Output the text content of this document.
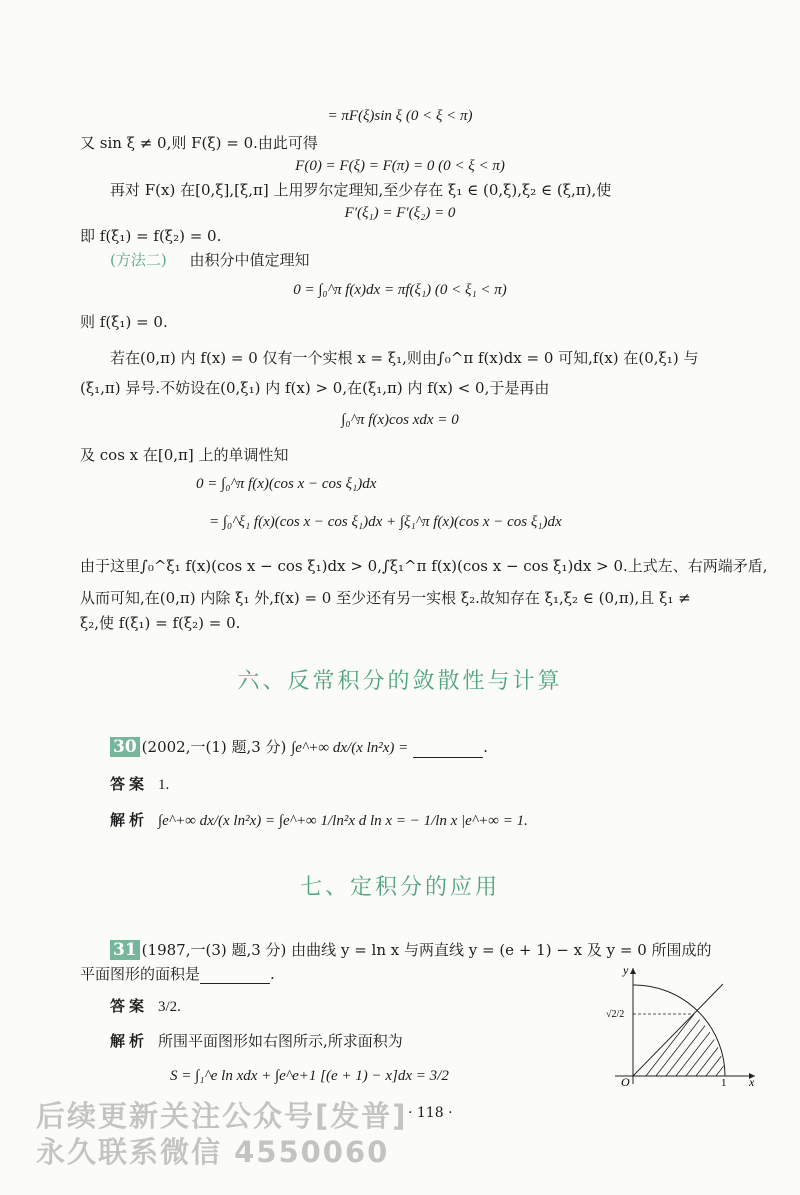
= πF(ξ)sin ξ (0 < ξ < π)
又 sin ξ ≠ 0,则 F(ξ) = 0.由此可得
F(0) = F(ξ) = F(π) = 0 (0 < ξ < π)
再对 F(x) 在[0,ξ],[ξ,π] 上用罗尔定理知,至少存在 ξ₁ ∈ (0,ξ),ξ₂ ∈ (ξ,π),使
F′(ξ₁) = F′(ξ₂) = 0
即 f(ξ₁) = f(ξ₂) = 0.
(方法二) 由积分中值定理知
0 = ∫₀^π f(x)dx = πf(ξ₁) (0 < ξ₁ < π)
则 f(ξ₁) = 0.
若在(0,π) 内 f(x) = 0 仅有一个实根 x = ξ₁,则由∫₀^π f(x)dx = 0 可知,f(x) 在(0,ξ₁) 与
(ξ₁,π) 异号.不妨设在(0,ξ₁) 内 f(x) > 0,在(ξ₁,π) 内 f(x) < 0,于是再由
∫₀^π f(x)cos xdx = 0
及 cos x 在[0,π] 上的单调性知
0 = ∫₀^π f(x)(cos x − cos ξ₁)dx
= ∫₀^ξ₁ f(x)(cos x − cos ξ₁)dx + ∫ξ₁^π f(x)(cos x − cos ξ₁)dx
由于这里∫₀^ξ₁ f(x)(cos x − cos ξ₁)dx > 0,∫ξ₁^π f(x)(cos x − cos ξ₁)dx > 0.上式左、右两端矛盾,
从而可知,在(0,π) 内除 ξ₁ 外,f(x) = 0 至少还有另一实根 ξ₂.故知存在 ξ₁,ξ₂ ∈ (0,π),且 ξ₁ ≠
ξ₂,使 f(ξ₁) = f(ξ₂) = 0.
六、反常积分的敛散性与计算
30 (2002,一(1) 题,3 分) ∫e^+∞ dx/(x ln²x) =	.
答案 1.
解析 ∫e^+∞ dx/(x ln²x) = ∫e^+∞ 1/ln²x d ln x = − 1/ln x |e^+∞ = 1.
七、定积分的应用
31 (1987,一(3) 题,3 分) 由曲线 y = ln x 与两直线 y = (e + 1) − x 及 y = 0 所围成的
平面图形的面积是	.
答案 3/2.
解析 所围平面图形如右图所示,所求面积为
S = ∫₁^e ln xdx + ∫e^e+1 [(e + 1) − x]dx = 3/2
y
x
O	1
√2/2
· 118 ·
后续更新关注公众号[发普]
永久联系微信 4550060
